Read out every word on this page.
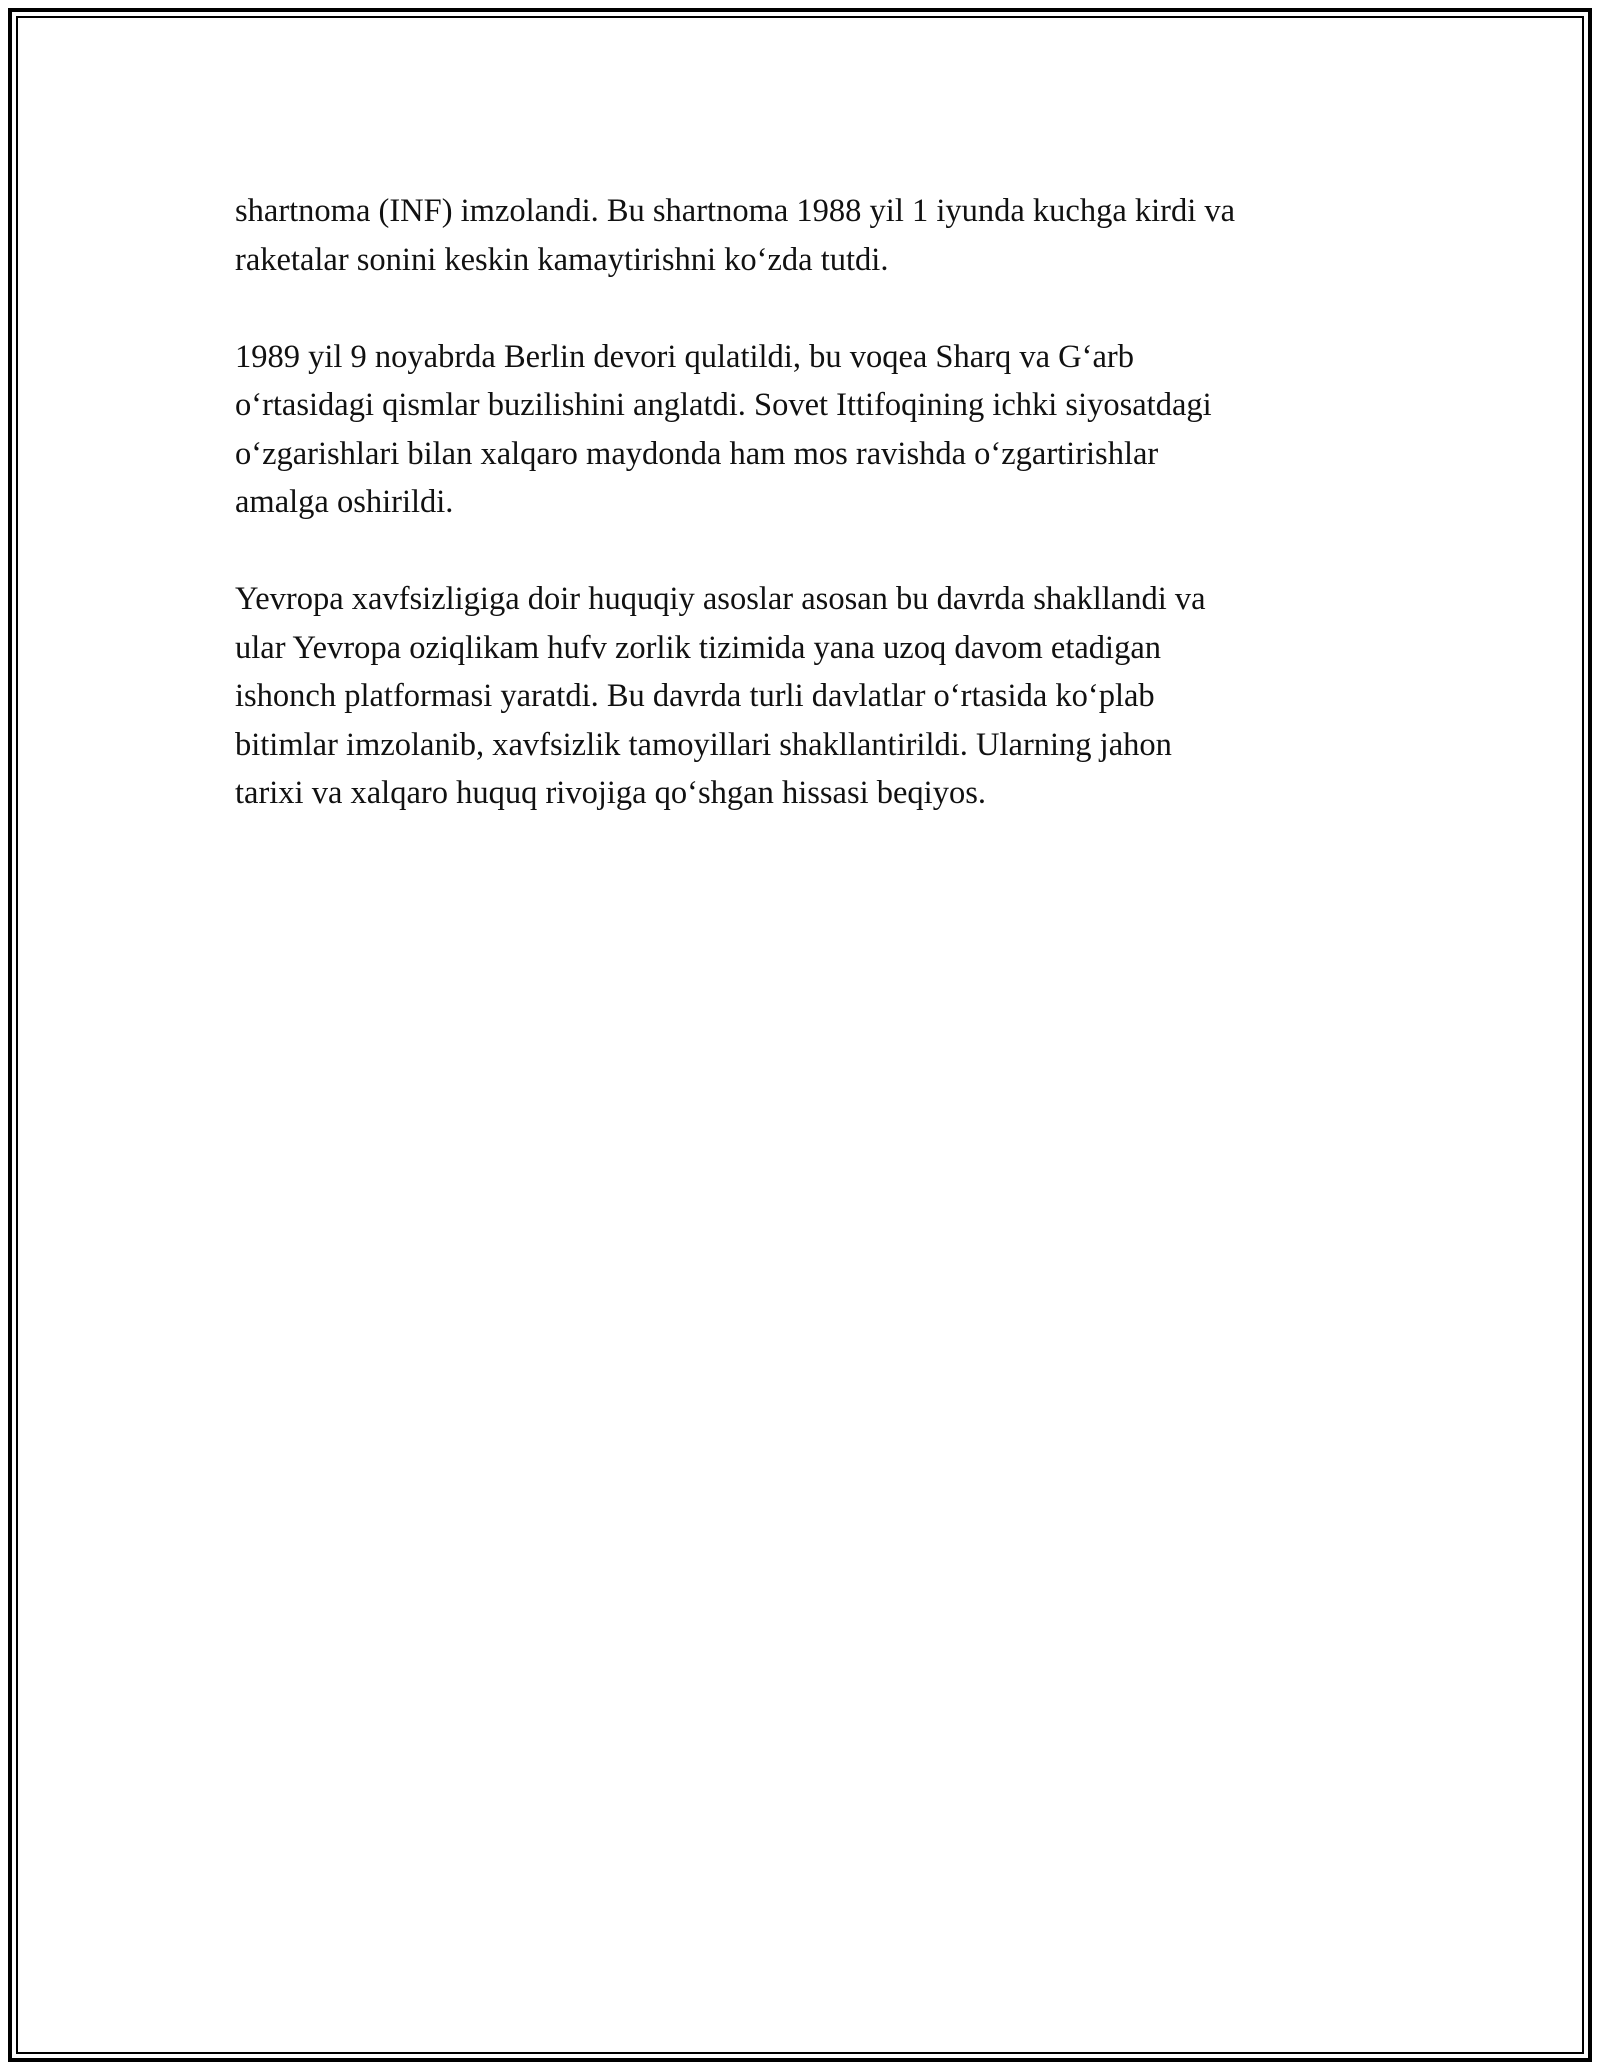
shartnoma (INF) imzolandi. Bu shartnoma 1988 yil 1 iyunda kuchga kirdi va
raketalar sonini keskin kamaytirishni koʻzda tutdi.

1989 yil 9 noyabrda Berlin devori qulatildi, bu voqea Sharq va Gʻarb
oʻrtasidagi qismlar buzilishini anglatdi. Sovet Ittifoqining ichki siyosatdagi
oʻzgarishlari bilan xalqaro maydonda ham mos ravishda oʻzgartirishlar
amalga oshirildi.

Yevropa xavfsizligiga doir huquqiy asoslar asosan bu davrda shakllandi va
ular Yevropa oziqlikam hufv zorlik tizimida yana uzoq davom etadigan
ishonch platformasi yaratdi. Bu davrda turli davlatlar oʻrtasida koʻplab
bitimlar imzolanib, xavfsizlik tamoyillari shakllantirildi. Ularning jahon
tarixi va xalqaro huquq rivojiga qoʻshgan hissasi beqiyos.
